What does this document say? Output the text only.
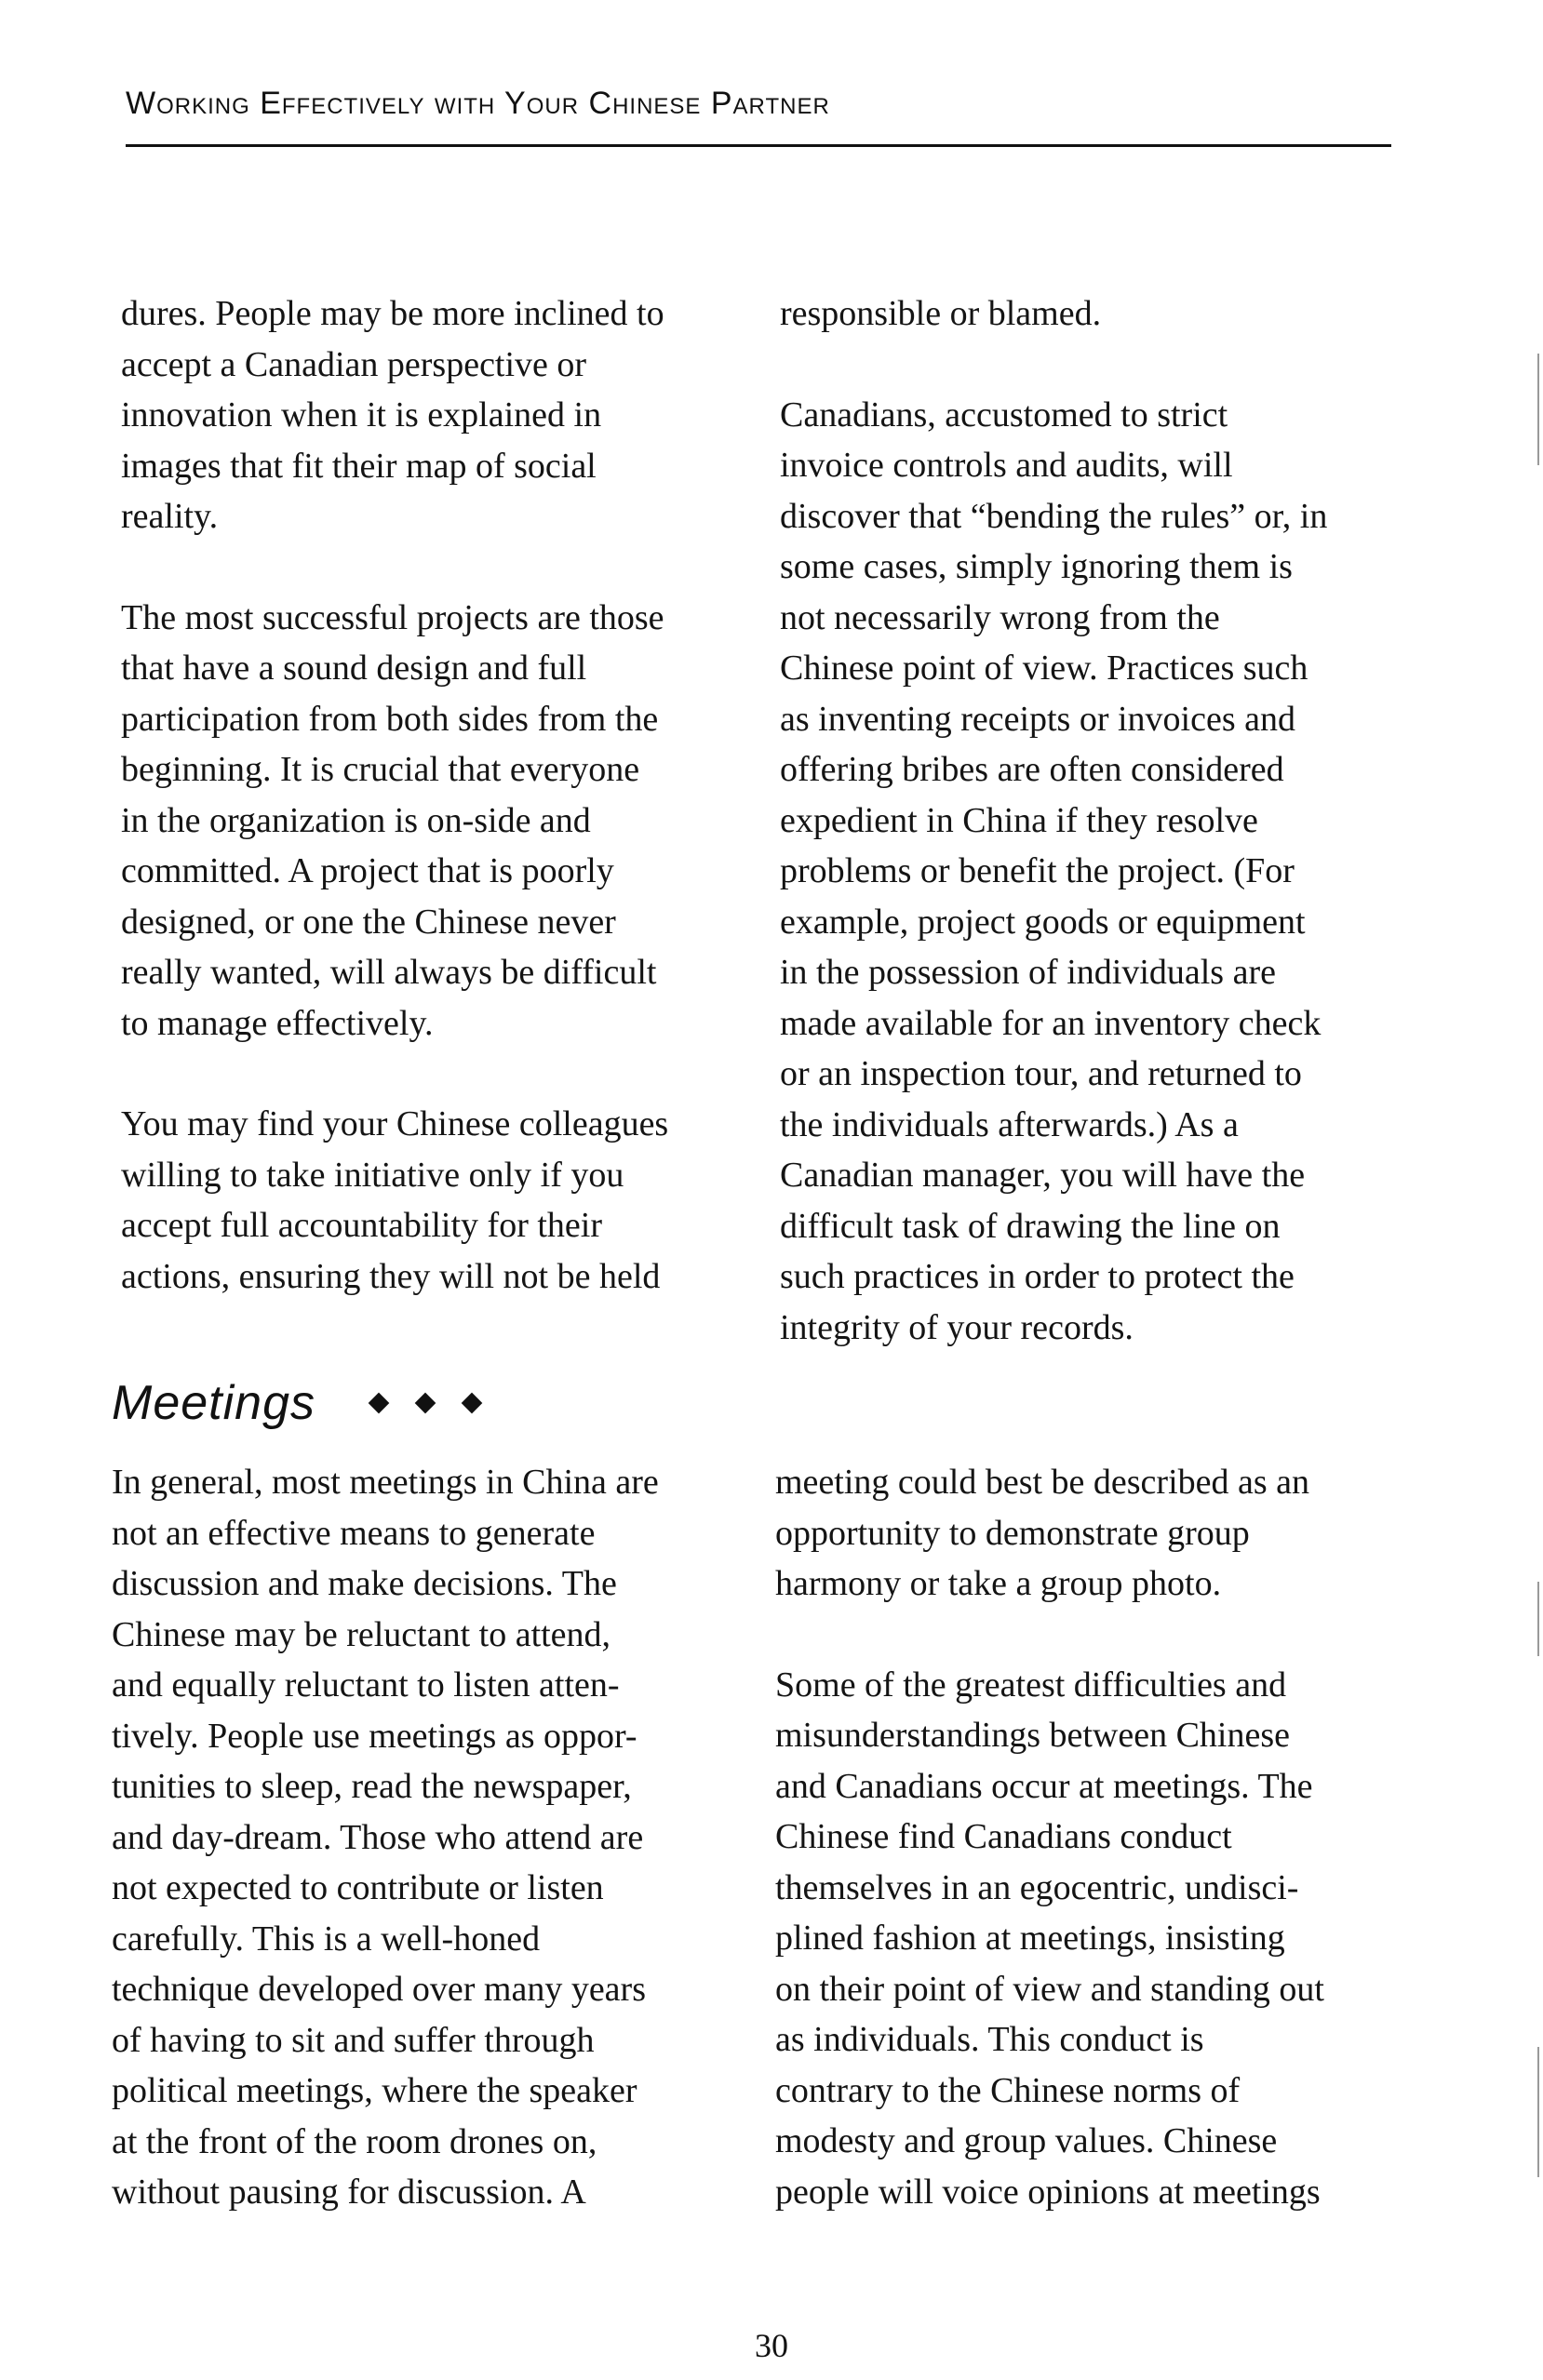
Working Effectively with Your Chinese Partner

dures. People may be more inclined to
accept a Canadian perspective or
innovation when it is explained in
images that fit their map of social
reality.

The most successful projects are those
that have a sound design and full
participation from both sides from the
beginning. It is crucial that everyone
in the organization is on-side and
committed. A project that is poorly
designed, or one the Chinese never
really wanted, will always be difficult
to manage effectively.

You may find your Chinese colleagues
willing to take initiative only if you
accept full accountability for their
actions, ensuring they will not be held

responsible or blamed.

Canadians, accustomed to strict
invoice controls and audits, will
discover that “bending the rules” or, in
some cases, simply ignoring them is
not necessarily wrong from the
Chinese point of view. Practices such
as inventing receipts or invoices and
offering bribes are often considered
expedient in China if they resolve
problems or benefit the project. (For
example, project goods or equipment
in the possession of individuals are
made available for an inventory check
or an inspection tour, and returned to
the individuals afterwards.) As a
Canadian manager, you will have the
difficult task of drawing the line on
such practices in order to protect the
integrity of your records.

Meetings

In general, most meetings in China are
not an effective means to generate
discussion and make decisions. The
Chinese may be reluctant to attend,
and equally reluctant to listen atten-
tively. People use meetings as oppor-
tunities to sleep, read the newspaper,
and day-dream. Those who attend are
not expected to contribute or listen
carefully. This is a well-honed
technique developed over many years
of having to sit and suffer through
political meetings, where the speaker
at the front of the room drones on,
without pausing for discussion. A

meeting could best be described as an
opportunity to demonstrate group
harmony or take a group photo.

Some of the greatest difficulties and
misunderstandings between Chinese
and Canadians occur at meetings. The
Chinese find Canadians conduct
themselves in an egocentric, undisci-
plined fashion at meetings, insisting
on their point of view and standing out
as individuals. This conduct is
contrary to the Chinese norms of
modesty and group values. Chinese
people will voice opinions at meetings

30
